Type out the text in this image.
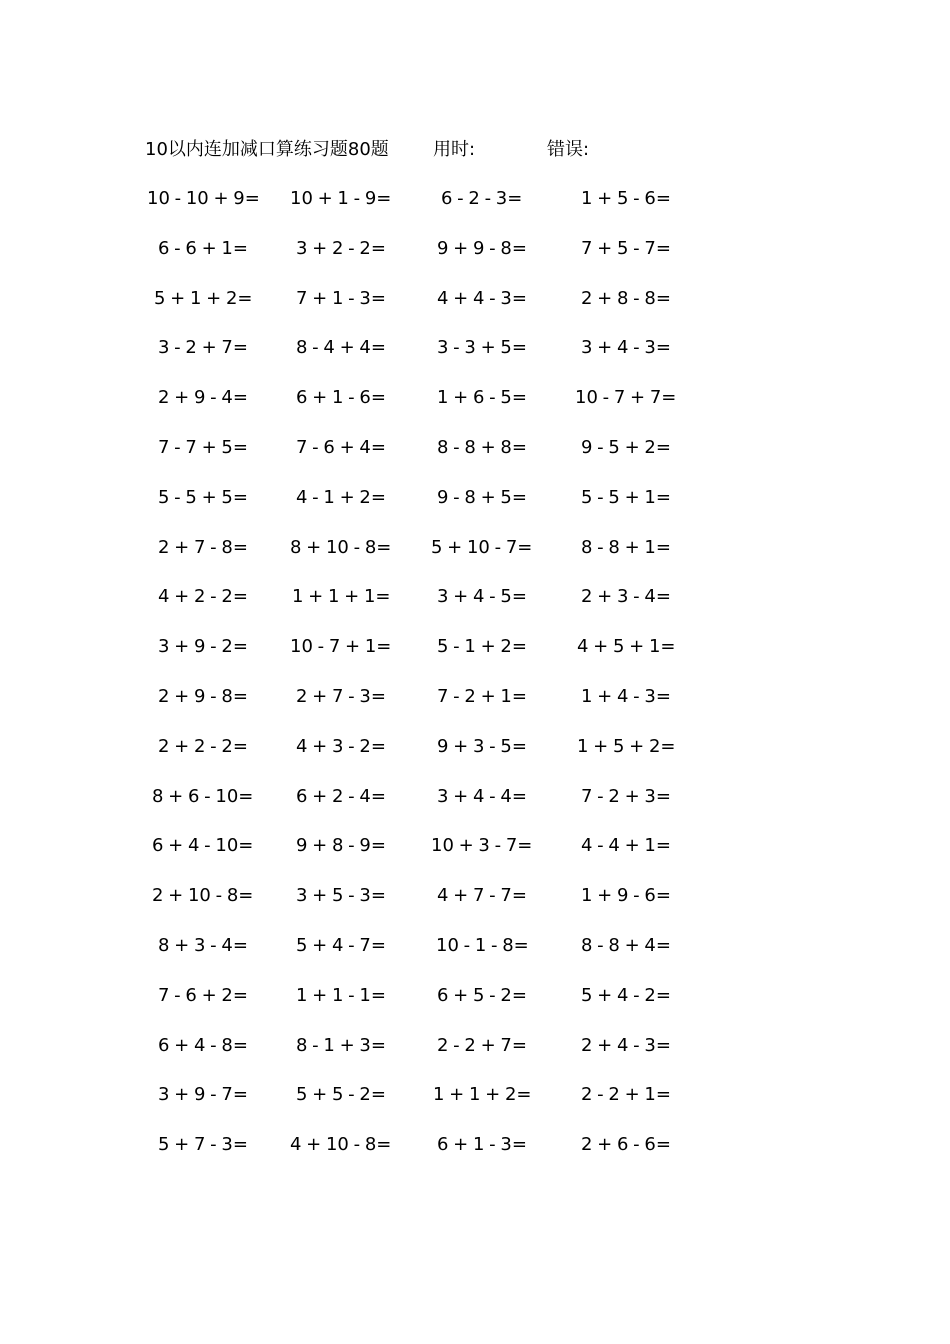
10以内连加减口算练习题80题 用时:	错误:
10 - 10 + 9= 10 + 1 - 9=	6 - 2 - 3=	1 + 5 - 6=
6 - 6 + 1=	3 + 2 - 2=	9 + 9 - 8=	7 + 5 - 7=
5 + 1 + 2= 7 + 1 - 3=	4 + 4 - 3=	2 + 8 - 8=
3 - 2 + 7=	8 - 4 + 4=	3 - 3 + 5=	3 + 4 - 3=
2 + 9 - 4=	6 + 1 - 6=	1 + 6 - 5=	10 - 7 + 7=
7 - 7 + 5=	7 - 6 + 4=	8 - 8 + 8=	9 - 5 + 2=
5 - 5 + 5=	4 - 1 + 2=	9 - 8 + 5=	5 - 5 + 1=
2 + 7 - 8= 8 + 10 - 8= 5 + 10 - 7=	8 - 8 + 1=
4 + 2 - 2= 1 + 1 + 1=	3 + 4 - 5=	2 + 3 - 4=
3 + 9 - 2= 10 - 7 + 1=	5 - 1 + 2=	4 + 5 + 1=
2 + 9 - 8=	2 + 7 - 3=	7 - 2 + 1=	1 + 4 - 3=
2 + 2 - 2=	4 + 3 - 2=	9 + 3 - 5=	1 + 5 + 2=
8 + 6 - 10= 6 + 2 - 4=	3 + 4 - 4=	7 - 2 + 3=
6 + 4 - 10= 9 + 8 - 9=	10 + 3 - 7=	4 - 4 + 1=
2 + 10 - 8= 3 + 5 - 3=	4 + 7 - 7=	1 + 9 - 6=
8 + 3 - 4=	5 + 4 - 7=	10 - 1 - 8=	8 - 8 + 4=
7 - 6 + 2=	1 + 1 - 1=	6 + 5 - 2=	5 + 4 - 2=
6 + 4 - 8=	8 - 1 + 3=	2 - 2 + 7=	2 + 4 - 3=
3 + 9 - 7=	5 + 5 - 2=	1 + 1 + 2=	2 - 2 + 1=
5 + 7 - 3= 4 + 10 - 8=	6 + 1 - 3=	2 + 6 - 6=
